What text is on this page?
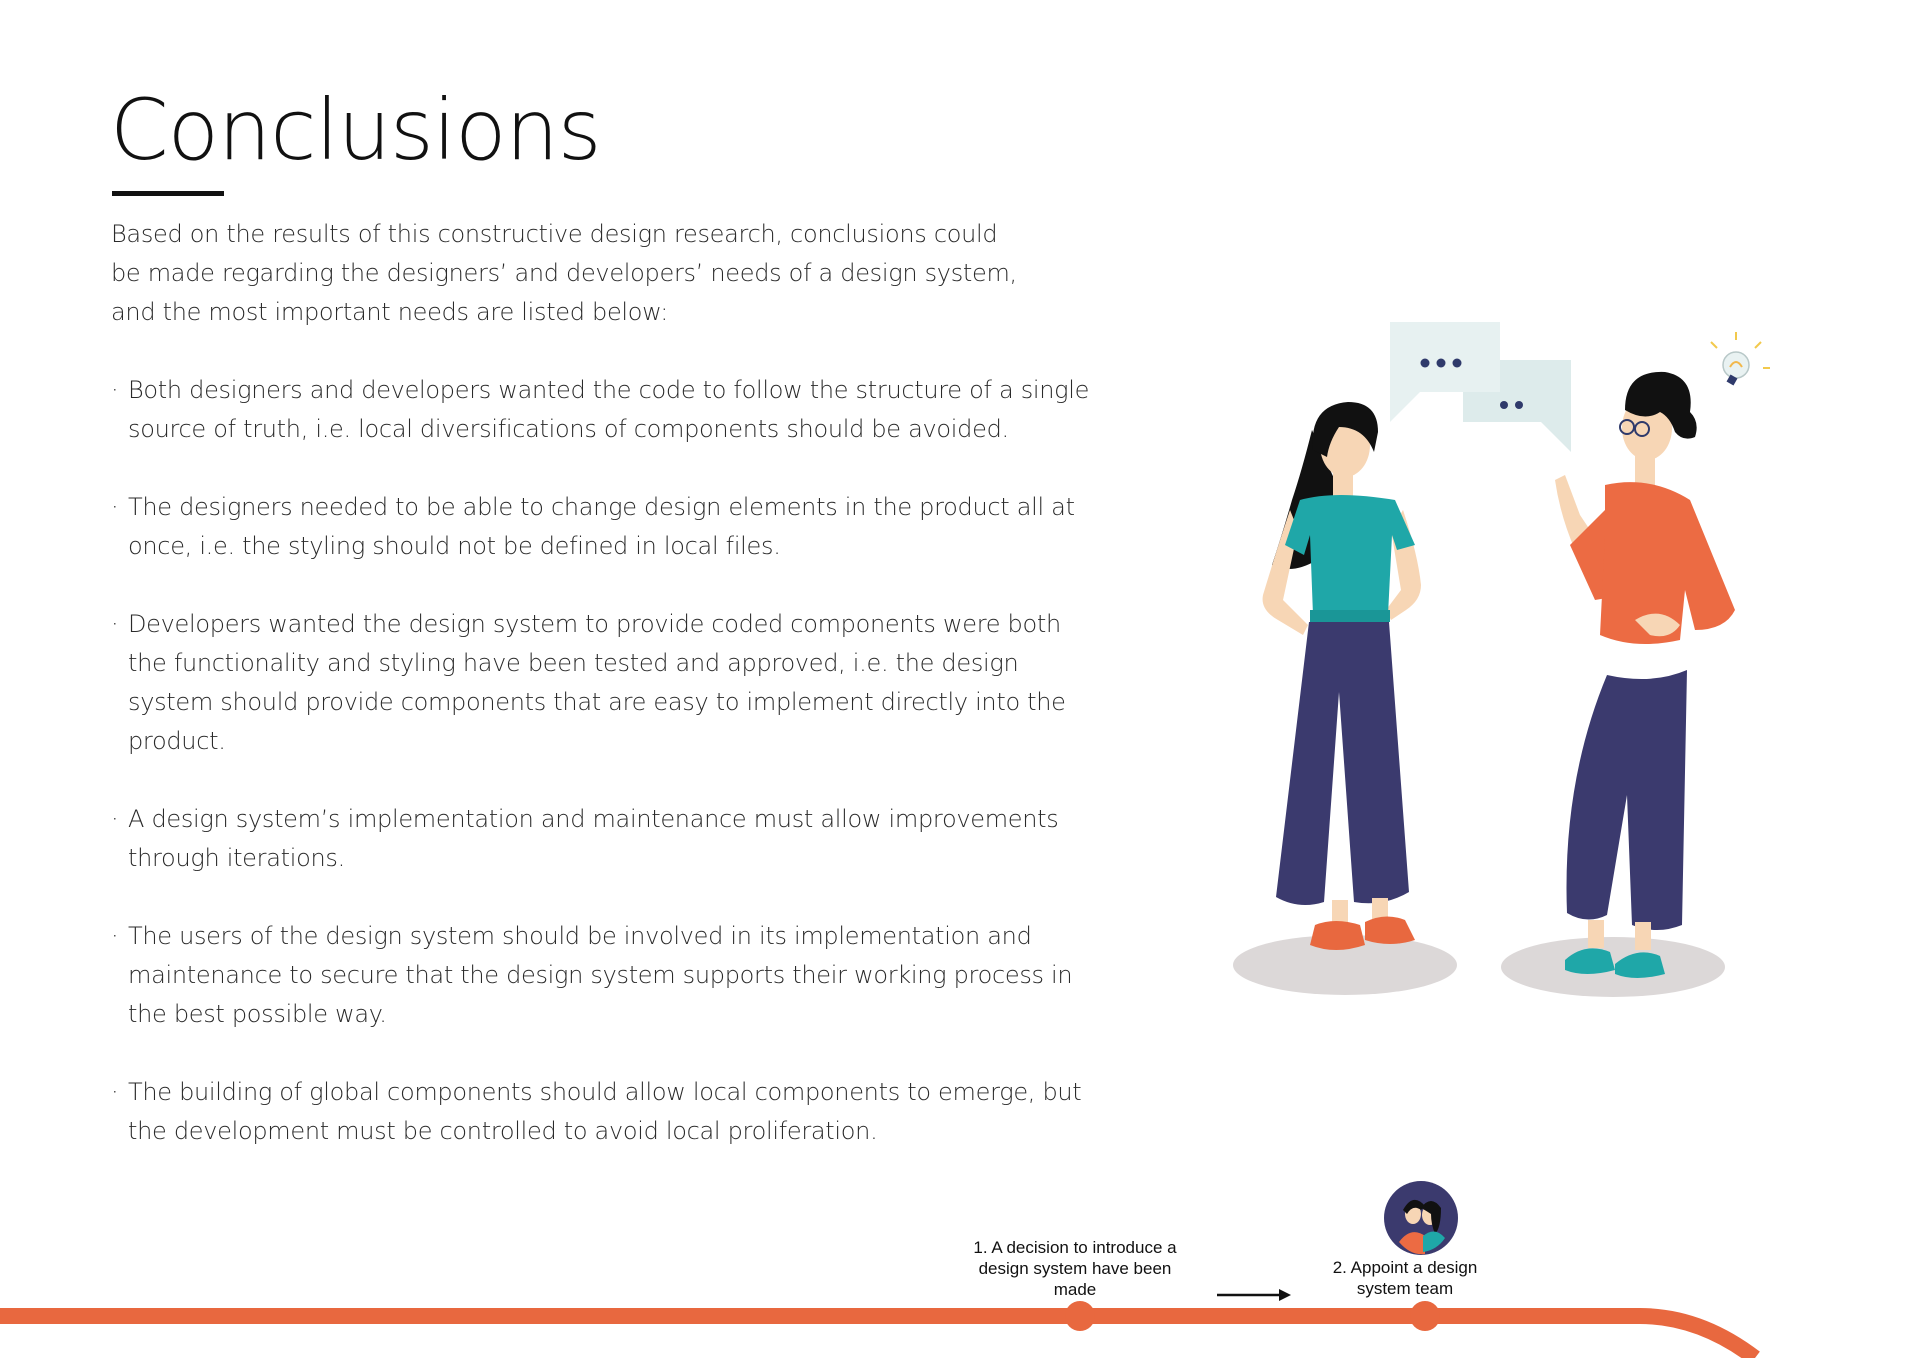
Conclusions

Based on the results of this constructive design research, conclusions could be made regarding the designers’ and developers’ needs of a design system, and the most important needs are listed below:

· Both designers and developers wanted the code to follow the structure of a single source of truth, i.e. local diversifications of components should be avoided.
· The designers needed to be able to change design elements in the product all at once, i.e. the styling should not be defined in local files.
· Developers wanted the design system to provide coded components were both the functionality and styling have been tested and approved, i.e. the design system should provide components that are easy to implement directly into the product.
· A design system’s implementation and maintenance must allow improvements through iterations.
· The users of the design system should be involved in its implementation and maintenance to secure that the design system supports their working process in the best possible way.
· The building of global components should allow local components to emerge, but the development must be controlled to avoid local proliferation.
1. A decision to introduce a design system have been made
2. Appoint a design system team
